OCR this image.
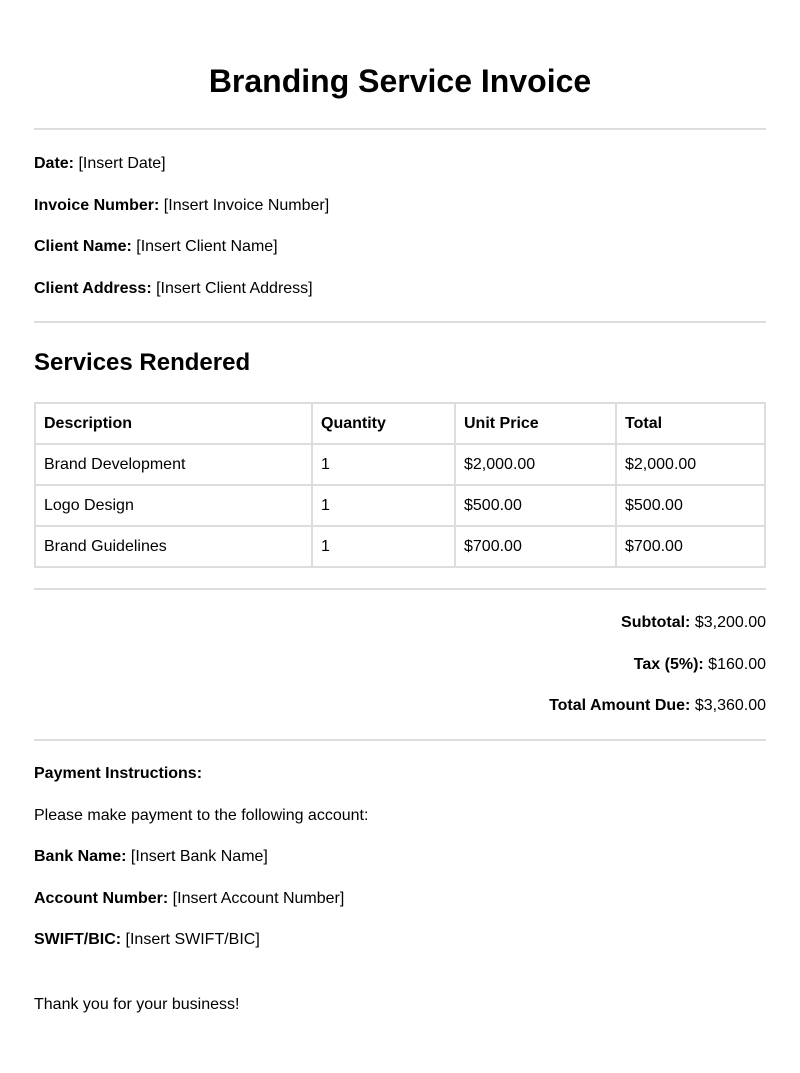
Branding Service Invoice

Date: [Insert Date]

Invoice Number: [Insert Invoice Number]

Client Name: [Insert Client Name]

Client Address: [Insert Client Address]

Services Rendered
Description	Quantity	Unit Price	Total
Brand Development	1	$2,000.00	$2,000.00
Logo Design	1	$500.00	$500.00
Brand Guidelines	1	$700.00	$700.00

Subtotal: $3,200.00

Tax (5%): $160.00

Total Amount Due: $3,360.00

Payment Instructions:

Please make payment to the following account:

Bank Name: [Insert Bank Name]

Account Number: [Insert Account Number]

SWIFT/BIC: [Insert SWIFT/BIC]

Thank you for your business!
